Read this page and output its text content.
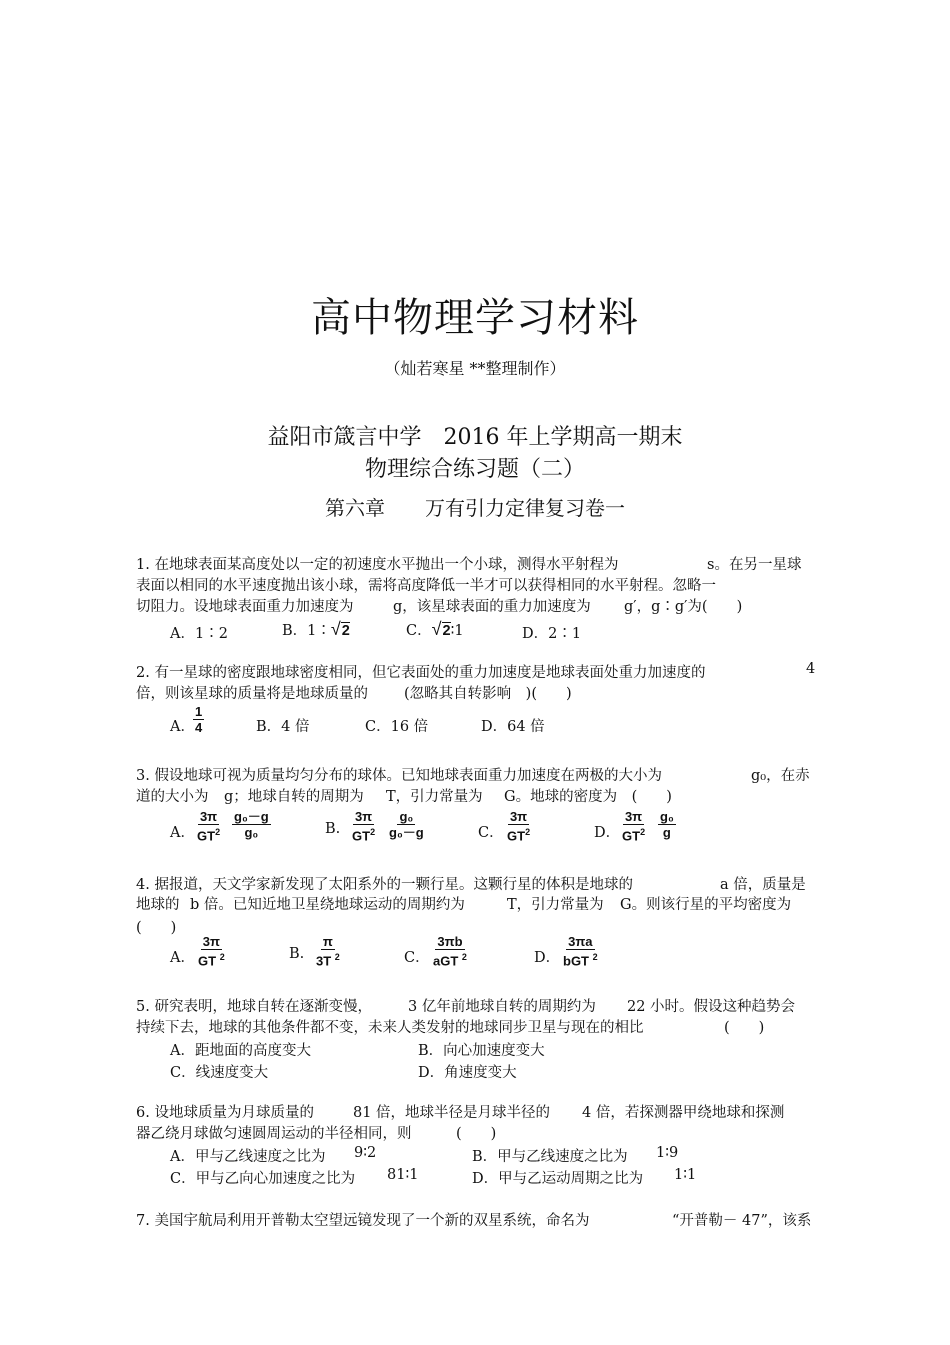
高中物理学习材料
（灿若寒星 **整理制作）
益阳市箴言中学　2016 年上学期高一期末
物理综合练习题（二）
第六章　　万有引力定律复习卷一
1. 在地球表面某高度处以一定的初速度水平抛出一个小球，测得水平射程为	s。在另一星球
表面以相同的水平速度抛出该小球，需将高度降低一半才可以获得相同的水平射程。忽略一
切阻力。设地球表面重力加速度为	g，该星球表面的重力加速度为 g′，g∶g′为(　　)
A．1∶2	B．1∶√2	C．√2∶1	D．2∶1
2. 有一星球的密度跟地球密度相同，但它表面处的重力加速度是地球表面处重力加速度的	4
倍，则该星球的质量将是地球质量的 (忽略其自转影响　)(　　)
A．
$\frac{1}{4}$	B．4 倍	C．16 倍	D．64 倍
3. 假设地球可视为质量均匀分布的球体。已知地球表面重力加速度在两极的大小为	g₀，在赤
道的大小为 g；地球自转的周期为 T，引力常量为 G。地球的密度为　(　　)
A． $\frac{3\pi}{GT^2} \frac{\text{g₀－g}}{\text{g₀}}$	B. $\frac{3\pi}{GT^2} \frac{\text{g₀}}{\text{g₀－g}}$	C． $\frac{3\pi}{GT^2}$	D． $\frac{3\pi}{GT^2} \frac{\text{g₀}}{g}$
4. 据报道，天文学家新发现了太阳系外的一颗行星。这颗行星的体积是地球的	a 倍，质量是
地球的 b 倍。已知近地卫星绕地球运动的周期约为	T，引力常量为 G。则该行星的平均密度为
(　　)
A． $\frac{3\pi}{GT ^2}$	B. $\frac{\pi}{3T ^2}$	C．
3πb
aGT $^2$	D．
3πa
bGT $^2$
5. 研究表明，地球自转在逐渐变慢， 3 亿年前地球自转的周期约为 22 小时。假设这种趋势会
持续下去，地球的其他条件都不变，未来人类发射的地球同步卫星与现在的相比	(　　)
A．距地面的高度变大	B．向心加速度变大
C．线速度变大	D．角速度变大
6. 设地球质量为月球质量的	81 倍，地球半径是月球半径的 4 倍，若探测器甲绕地球和探测
器乙绕月球做匀速圆周运动的半径相同，则	(　　)
A．甲与乙线速度之比为 9∶2	B．甲与乙线速度之比为 1∶9
C．甲与乙向心加速度之比为 81∶1	D．甲与乙运动周期之比为 1∶1
7. 美国宇航局利用开普勒太空望远镜发现了一个新的双星系统，命名为	“开普勒－ 47”，该系
